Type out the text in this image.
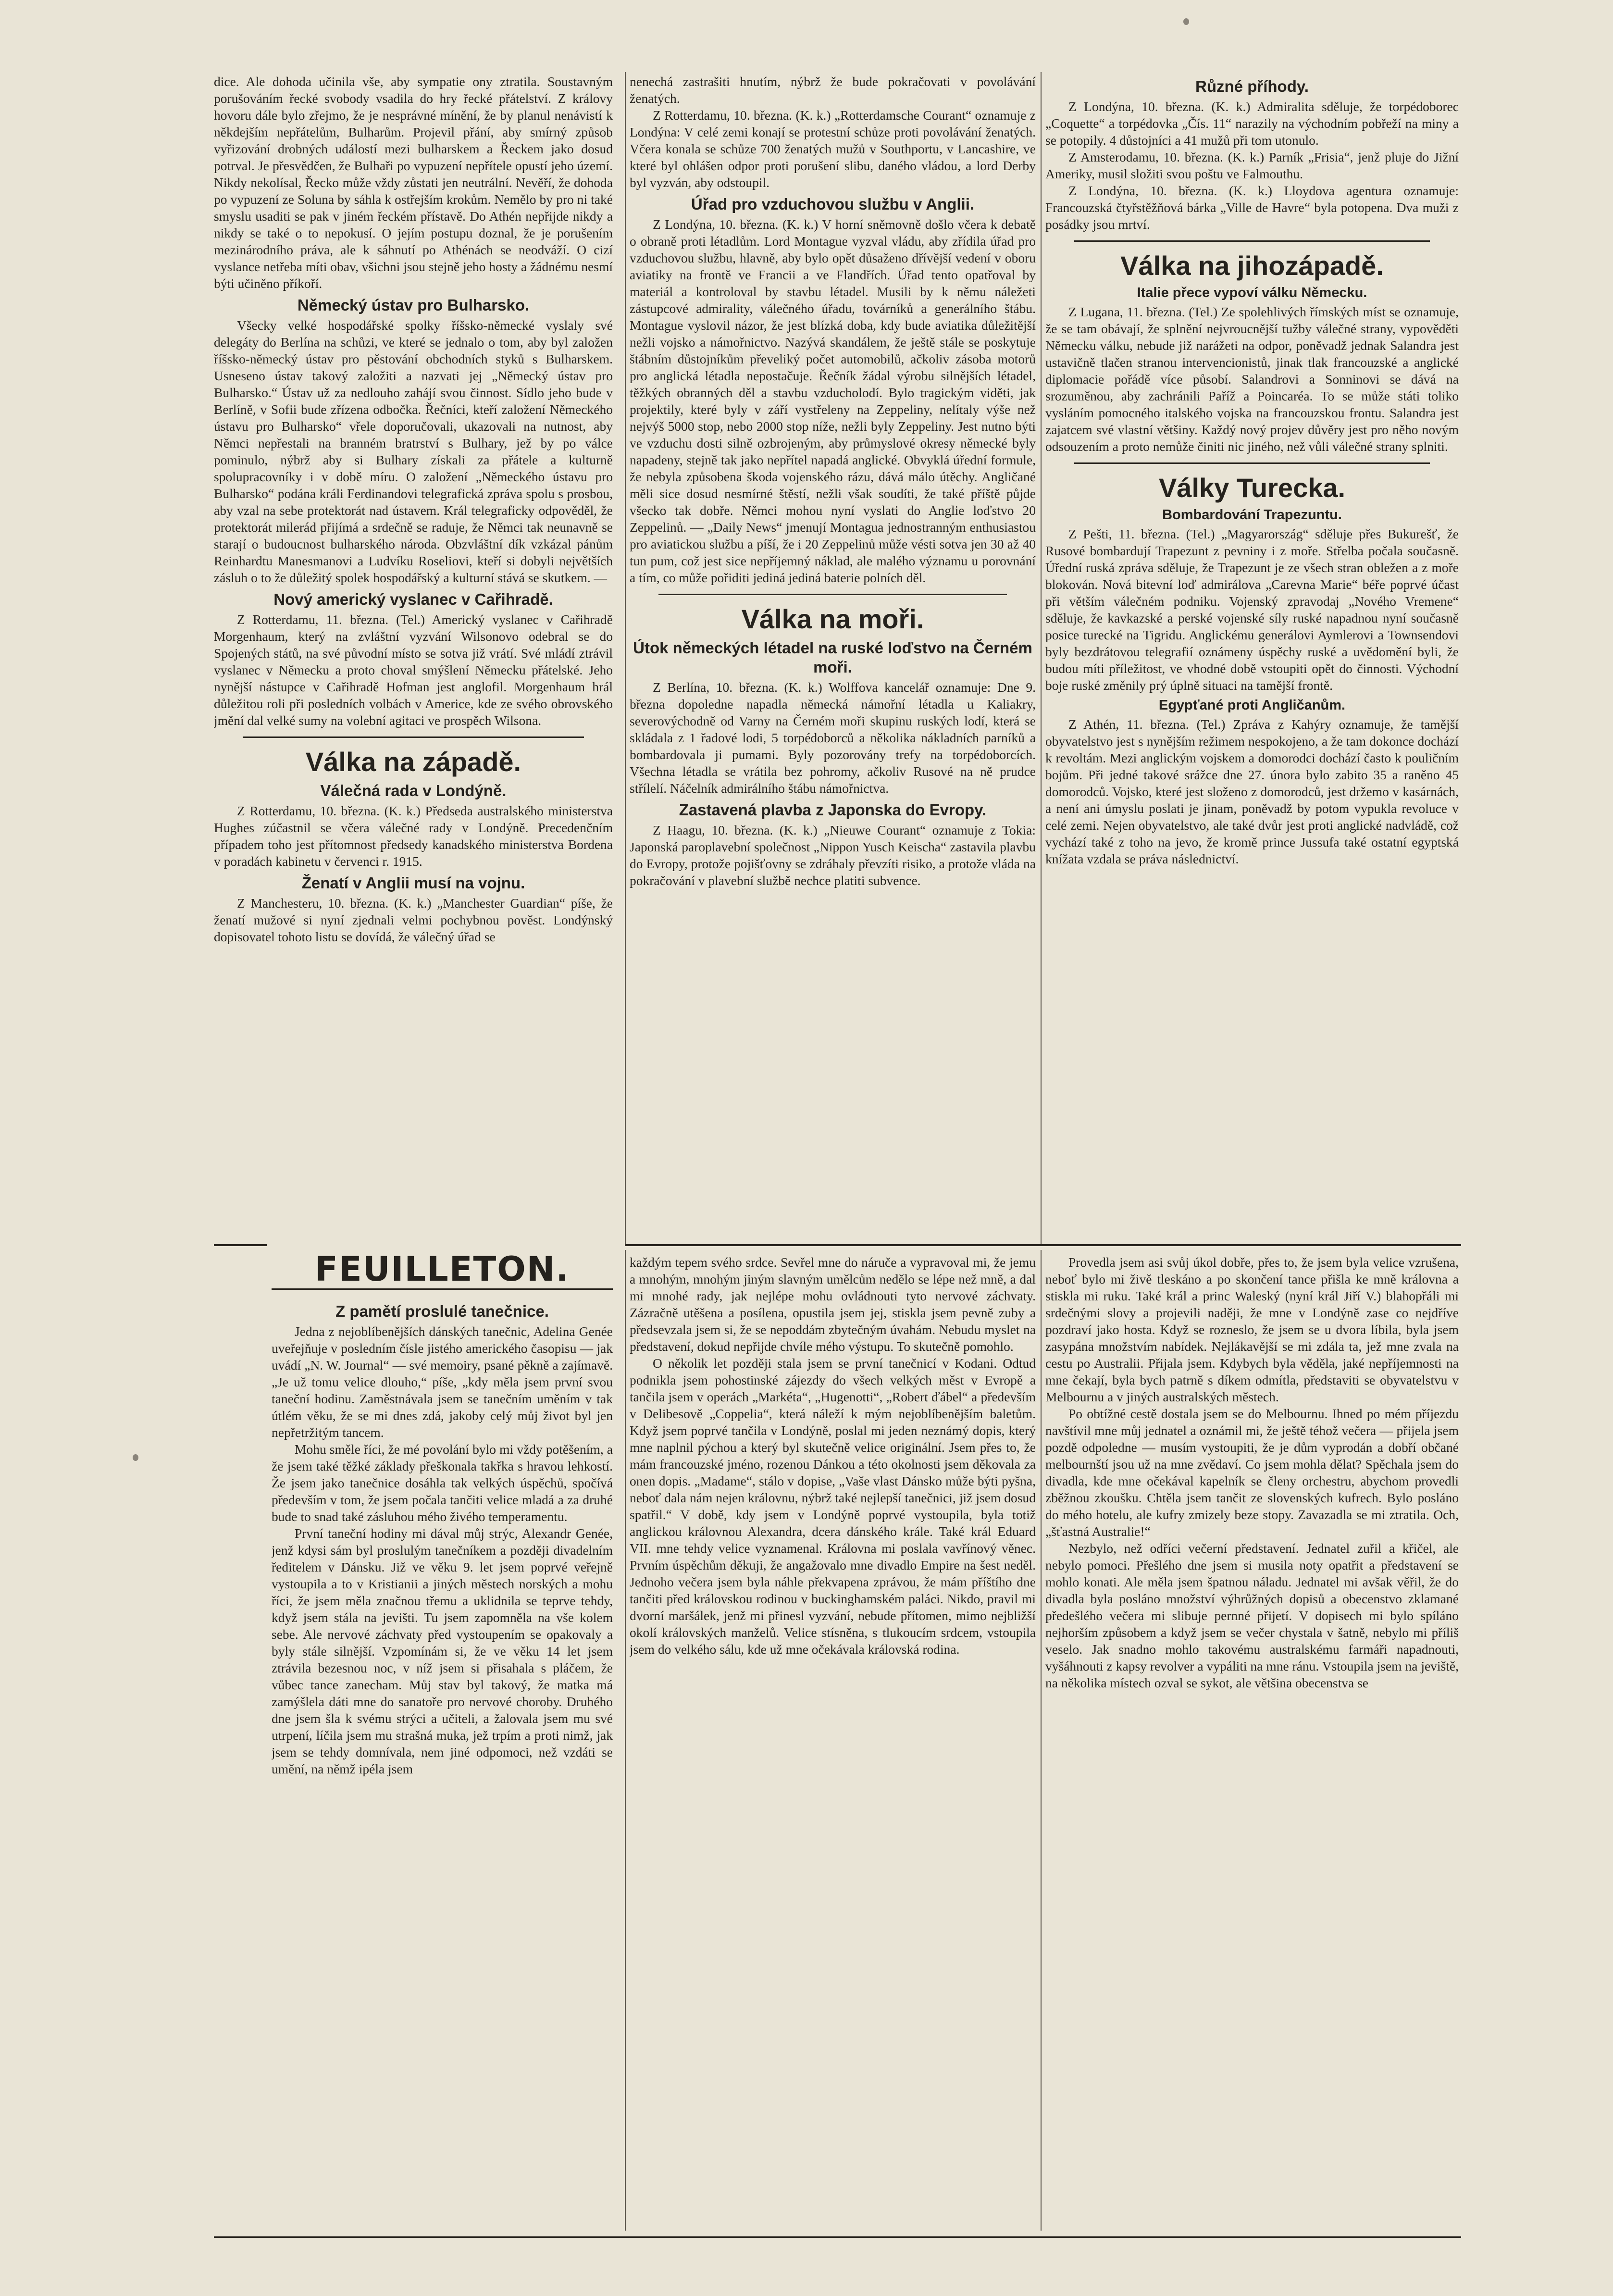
dice. Ale dohoda učinila vše, aby sympatie ony ztratila. Soustavným porušováním řecké svobody vsadila do hry řecké přátelství. Z královy hovoru dále bylo zřejmo, že je nesprávné mínění, že by planul nenávistí k někdejším nepřátelům, Bulharům. Projevil přání, aby smírný způsob vyřizování drobných událostí mezi bulharskem a Řeckem jako dosud potrval. Je přesvědčen, že Bulhaři po vypuzení nepřítele opustí jeho území. Nikdy nekolísal, Řecko může vždy zůstati jen neutrální. Nevěří, že dohoda po vypuzení ze Soluna by sáhla k ostřejším krokům. Nemělo by pro ni také smyslu usaditi se pak v jiném řeckém přístavě. Do Athén nepřijde nikdy a nikdy se také o to nepokusí. O jejím postupu doznal, že je porušením mezinárodního práva, ale k sáhnutí po Athénách se neodváží. O cizí vyslance netřeba míti obav, všichni jsou stejně jeho hosty a žádnému nesmí býti učiněno příkoří.

Německý ústav pro Bulharsko.

Všecky velké hospodářské spolky říšsko-německé vyslaly své delegáty do Berlína na schůzi, ve které se jednalo o tom, aby byl založen říšsko-německý ústav pro pěstování obchodních styků s Bulharskem. Usneseno ústav takový založiti a nazvati jej „Německý ústav pro Bulharsko.“ Ústav už za nedlouho zahájí svou činnost. Sídlo jeho bude v Berlíně, v Sofii bude zřízena odbočka. Řečníci, kteří založení Německého ústavu pro Bulharsko“ vřele doporučovali, ukazovali na nutnost, aby Němci nepřestali na branném bratrství s Bulhary, jež by po válce pominulo, nýbrž aby si Bulhary získali za přátele a kulturně spolupracovníky i v době míru. O založení „Německého ústavu pro Bulharsko“ podána králi Ferdinandovi telegrafická zpráva spolu s prosbou, aby vzal na sebe protektorát nad ústavem. Král telegraficky odpověděl, že protektorát milerád přijímá a srdečně se raduje, že Němci tak neunavně se starají o budoucnost bulharského národa. Obzvláštní dík vzkázal pánům Reinhardtu Manesmanovi a Ludvíku Roseliovi, kteří si dobyli největších zásluh o to že důležitý spolek hospodářský a kulturní stává se skutkem. —

Nový americký vyslanec v Cařihradě.

Z Rotterdamu, 11. března. (Tel.) Americký vyslanec v Cařihradě Morgenhaum, který na zvláštní vyzvání Wilsonovo odebral se do Spojených států, na své původní místo se sotva již vrátí. Své mládí ztrávil vyslanec v Německu a proto choval smýšlení Německu přátelské. Jeho nynější nástupce v Cařihradě Hofman jest anglofil. Morgenhaum hrál důležitou roli při posledních volbách v Americe, kde ze svého obrovského jmění dal velké sumy na volební agitaci ve prospěch Wilsona.

Válka na západě.
Válečná rada v Londýně.

Z Rotterdamu, 10. března. (K. k.) Předseda australského ministerstva Hughes zúčastnil se včera válečné rady v Londýně. Precedenčním případem toho jest přítomnost předsedy kanadského ministerstva Bordena v poradách kabinetu v červenci r. 1915.

Ženatí v Anglii musí na vojnu.

Z Manchesteru, 10. března. (K. k.) „Manchester Guardian“ píše, že ženatí mužové si nyní zjednali velmi pochybnou pověst. Londýnský dopisovatel tohoto listu se dovídá, že válečný úřad se

nenechá zastrašiti hnutím, nýbrž že bude pokračovati v povolávání ženatých.

Z Rotterdamu, 10. března. (K. k.) „Rotterdamsche Courant“ oznamuje z Londýna: V celé zemi konají se protestní schůze proti povolávání ženatých. Včera konala se schůze 700 ženatých mužů v Southportu, v Lancashire, ve které byl ohlášen odpor proti porušení slibu, daného vládou, a lord Derby byl vyzván, aby odstoupil.

Úřad pro vzduchovou službu v Anglii.

Z Londýna, 10. března. (K. k.) V horní sněmovně došlo včera k debatě o obraně proti létadlům. Lord Montague vyzval vládu, aby zřídila úřad pro vzduchovou službu, hlavně, aby bylo opět důsaženo dřívější vedení v oboru aviatiky na frontě ve Francii a ve Flandřích. Úřad tento opatřoval by materiál a kontroloval by stavbu létadel. Musili by k němu náležeti zástupcové admirality, válečného úřadu, továrníků a generálního štábu. Montague vyslovil názor, že jest blízká doba, kdy bude aviatika důležitější nežli vojsko a námořnictvo. Nazývá skandálem, že ještě stále se poskytuje štábním důstojníkům převeliký počet automobilů, ačkoliv zásoba motorů pro anglická létadla nepostačuje. Řečník žádal výrobu silnějších létadel, těžkých obranných děl a stavbu vzducholodí. Bylo tragickým viděti, jak projektily, které byly v září vystřeleny na Zeppeliny, nelítaly výše než nejvýš 5000 stop, nebo 2000 stop níže, nežli byly Zeppeliny. Jest nutno býti ve vzduchu dosti silně ozbrojeným, aby průmyslové okresy německé byly napadeny, stejně tak jako nepřítel napadá anglické. Obvyklá úřední formule, že nebyla způsobena škoda vojenského rázu, dává málo útěchy. Angličané měli sice dosud nesmírné štěstí, nežli však soudíti, že také příště půjde všecko tak dobře. Němci mohou nyní vyslati do Anglie loďstvo 20 Zeppelinů. — „Daily News“ jmenují Montagua jednostranným enthusiastou pro aviatickou službu a píší, že i 20 Zeppelinů může vésti sotva jen 30 až 40 tun pum, což jest sice nepříjemný náklad, ale malého významu u porovnání a tím, co může pořiditi jediná jediná baterie polních děl.

Válka na moři.
Útok německých létadel na ruské loďstvo na Černém moři.

Z Berlína, 10. března. (K. k.) Wolffova kancelář oznamuje: Dne 9. března dopoledne napadla německá námořní létadla u Kaliakry, severovýchodně od Varny na Černém moři skupinu ruských lodí, která se skládala z 1 řadové lodi, 5 torpédoborců a několika nákladních parníků a bombardovala ji pumami. Byly pozorovány trefy na torpédoborcích. Všechna létadla se vrátila bez pohromy, ačkoliv Rusové na ně prudce střílelí. Náčelník admirálního štábu námořnictva.

Zastavená plavba z Japonska do Evropy.

Z Haagu, 10. března. (K. k.) „Nieuwe Courant“ oznamuje z Tokia: Japonská paroplavební společnost „Nippon Yusch Keischa“ zastavila plavbu do Evropy, protože pojišťovny se zdráhaly převzíti risiko, a protože vláda na pokračování v plavební službě nechce platiti subvence.

Různé příhody.

Z Londýna, 10. března. (K. k.) Admiralita sděluje, že torpédoborec „Coquette“ a torpédovka „Čís. 11“ narazily na východním pobřeží na miny a se potopily. 4 důstojníci a 41 mužů při tom utonulo.

Z Amsterodamu, 10. března. (K. k.) Parník „Frisia“, jenž pluje do Jižní Ameriky, musil složiti svou poštu ve Falmouthu.

Z Londýna, 10. března. (K. k.) Lloydova agentura oznamuje: Francouzská čtyřstěžňová bárka „Ville de Havre“ byla potopena. Dva muži z posádky jsou mrtví.

Válka na jihozápadě.
Italie přece vypoví válku Německu.

Z Lugana, 11. března. (Tel.) Ze spolehlivých římských míst se oznamuje, že se tam obávají, že splnění nejvroucnější tužby válečné strany, vypověděti Německu válku, nebude již narážeti na odpor, poněvadž jednak Salandra jest ustavičně tlačen stranou intervencionistů, jinak tlak francouzské a anglické diplomacie pořádě více působí. Salandrovi a Sonninovi se dává na srozuměnou, aby zachránili Paříž a Poincaréa. To se může státi toliko vysláním pomocného italského vojska na francouzskou frontu. Salandra jest zajatcem své vlastní většiny. Každý nový projev důvěry jest pro něho novým odsouzením a proto nemůže činiti nic jiného, než vůli válečné strany splniti.

Války Turecka.
Bombardování Trapezuntu.

Z Pešti, 11. března. (Tel.) „Magyarország“ sděluje přes Bukurešť, že Rusové bombardují Trapezunt z pevniny i z moře. Střelba počala současně. Úřední ruská zpráva sděluje, že Trapezunt je ze všech stran obležen a z moře blokován. Nová bitevní loď admirálova „Carevna Marie“ béře poprvé účast při větším válečném podniku. Vojenský zpravodaj „Nového Vremene“ sděluje, že kavkazské a perské vojenské síly ruské napadnou nyní současně posice turecké na Tigridu. Anglickému generálovi Aymlerovi a Townsendovi byly bezdrátovou telegrafií oznámeny úspěchy ruské a uvědomění byli, že budou míti příležitost, ve vhodné době vstoupiti opět do činnosti. Východní boje ruské změnily prý úplně situaci na tamější frontě.

Egypťané proti Angličanům.

Z Athén, 11. března. (Tel.) Zpráva z Kahýry oznamuje, že tamější obyvatelstvo jest s nynějším režimem nespokojeno, a že tam dokonce dochází k revoltám. Mezi anglickým vojskem a domorodci dochází často k pouličním bojům. Při jedné takové srážce dne 27. února bylo zabito 35 a raněno 45 domorodců. Vojsko, které jest složeno z domorodců, jest držemo v kasárnách, a není ani úmyslu poslati je jinam, poněvadž by potom vypukla revoluce v celé zemi. Nejen obyvatelstvo, ale také dvůr jest proti anglické nadvládě, což vychází také z toho na jevo, že kromě prince Jussufa také ostatní egyptská knížata vzdala se práva následnictví.

FEUILLETON.
Z pamětí proslulé tanečnice.

Jedna z nejoblíbenějších dánských tanečnic, Adelina Genée uveřejňuje v posledním čísle jistého amerického časopisu — jak uvádí „N. W. Journal“ — své memoiry, psané pěkně a zajímavě. „Je už tomu velice dlouho,“ píše, „kdy měla jsem první svou taneční hodinu. Zaměstnávala jsem se tanečním uměním v tak útlém věku, že se mi dnes zdá, jakoby celý můj život byl jen nepřetržitým tancem.

Mohu směle říci, že mé povolání bylo mi vždy potěšením, a že jsem také těžké základy přeškonala takřka s hravou lehkostí. Že jsem jako tanečnice dosáhla tak velkých úspěchů, spočívá především v tom, že jsem počala tančiti velice mladá a za druhé bude to snad také zásluhou mého živého temperamentu.

První taneční hodiny mi dával můj strýc, Alexandr Genée, jenž kdysi sám byl proslulým tanečníkem a později divadelním ředitelem v Dánsku. Již ve věku 9. let jsem poprvé veřejně vystoupila a to v Kristianii a jiných městech norských a mohu říci, že jsem měla značnou třemu a uklidnila se teprve tehdy, když jsem stála na jevišti. Tu jsem zapomněla na vše kolem sebe. Ale nervové záchvaty před vystoupením se opakovaly a byly stále silnější. Vzpomínám si, že ve věku 14 let jsem ztrávila bezesnou noc, v níž jsem si přisahala s pláčem, že vůbec tance zanecham. Můj stav byl takový, že matka má zamýšlela dáti mne do sanatoře pro nervové choroby. Druhého dne jsem šla k svému strýci a učiteli, a žalovala jsem mu své utrpení, líčila jsem mu strašná muka, jež trpím a proti nimž, jak jsem se tehdy domnívala, nem jiné odpomoci, než vzdáti se umění, na němž ipéla jsem

každým tepem svého srdce. Sevřel mne do náruče a vypravoval mi, že jemu a mnohým, mnohým jiným slavným umělcům nedělo se lépe než mně, a dal mi mnohé rady, jak nejlépe mohu ovládnouti tyto nervové záchvaty. Zázračně utěšena a posílena, opustila jsem jej, stiskla jsem pevně zuby a předsevzala jsem si, že se nepoddám zbytečným úvahám. Nebudu myslet na představení, dokud nepřijde chvíle mého výstupu. To skutečně pomohlo.

O několik let později stala jsem se první tanečnicí v Kodani. Odtud podnikla jsem pohostinské zájezdy do všech velkých měst v Evropě a tančila jsem v operách „Markéta“, „Hugenotti“, „Robert ďábel“ a především v Delibesově „Coppelia“, která náleží k mým nejoblíbenějším baletům. Když jsem poprvé tančila v Londýně, poslal mi jeden neznámý dopis, který mne naplnil pýchou a který byl skutečně velice originální. Jsem přes to, že mám francouzské jméno, rozenou Dánkou a této okolnosti jsem děkovala za onen dopis. „Madame“, stálo v dopise, „Vaše vlast Dánsko může býti pyšna, neboť dala nám nejen královnu, nýbrž také nejlepší tanečnici, již jsem dosud spatřil.“ V době, kdy jsem v Londýně poprvé vystoupila, byla totiž anglickou královnou Alexandra, dcera dánského krále. Také král Eduard VII. mne tehdy velice vyznamenal. Královna mi poslala vavřínový věnec. Prvním úspěchům děkuji, že angažovalo mne divadlo Empire na šest neděl. Jednoho večera jsem byla náhle překvapena zprávou, že mám příštího dne tančiti před královskou rodinou v buckinghamském paláci. Nikdo, pravil mi dvorní maršálek, jenž mi přinesl vyzvání, nebude přítomen, mimo nejbližší okolí královských manželů. Velice stísněna, s tlukoucím srdcem, vstoupila jsem do velkého sálu, kde už mne očekávala královská rodina.

Provedla jsem asi svůj úkol dobře, přes to, že jsem byla velice vzrušena, neboť bylo mi živě tleskáno a po skončení tance přišla ke mně královna a stiskla mi ruku. Také král a princ Waleský (nyní král Jiří V.) blahopřáli mi srdečnými slovy a projevili naději, že mne v Londýně zase co nejdříve pozdraví jako hosta. Když se rozneslo, že jsem se u dvora líbila, byla jsem zasypána množstvím nabídek. Nejlákavější se mi zdála ta, jež mne zvala na cestu po Australii. Přijala jsem. Kdybych byla věděla, jaké nepříjemnosti na mne čekají, byla bych patrně s díkem odmítla, představiti se obyvatelstvu v Melbournu a v jiných australských městech.

Po obtížné cestě dostala jsem se do Melbournu. Ihned po mém příjezdu navštívil mne můj jednatel a oznámil mi, že ještě téhož večera — přijela jsem pozdě odpoledne — musím vystoupiti, že je dům vyprodán a dobří občané melbournští jsou už na mne zvědaví. Co jsem mohla dělat? Spěchala jsem do divadla, kde mne očekával kapelník se členy orchestru, abychom provedli zběžnou zkoušku. Chtěla jsem tančit ze slovenských kufrech. Bylo posláno do mého hotelu, ale kufry zmizely beze stopy. Zavazadla se mi ztratila. Och, „šťastná Australie!“

Nezbylo, než odříci večerní představení. Jednatel zuřil a křičel, ale nebylo pomoci. Přešlého dne jsem si musila noty opatřit a představení se mohlo konati. Ale měla jsem špatnou náladu. Jednatel mi avšak věřil, že do divadla byla posláno množství výhrůžných dopisů a obecenstvo zklamané předešlého večera mi slibuje pernné přijetí. V dopisech mi bylo spíláno nejhorším způsobem a když jsem se večer chystala v šatně, nebylo mi příliš veselo. Jak snadno mohlo takovému australskému farmáři napadnouti, vyšáhnouti z kapsy revolver a vypáliti na mne ránu. Vstoupila jsem na jeviště, na několika místech ozval se sykot, ale většina obecenstva se
